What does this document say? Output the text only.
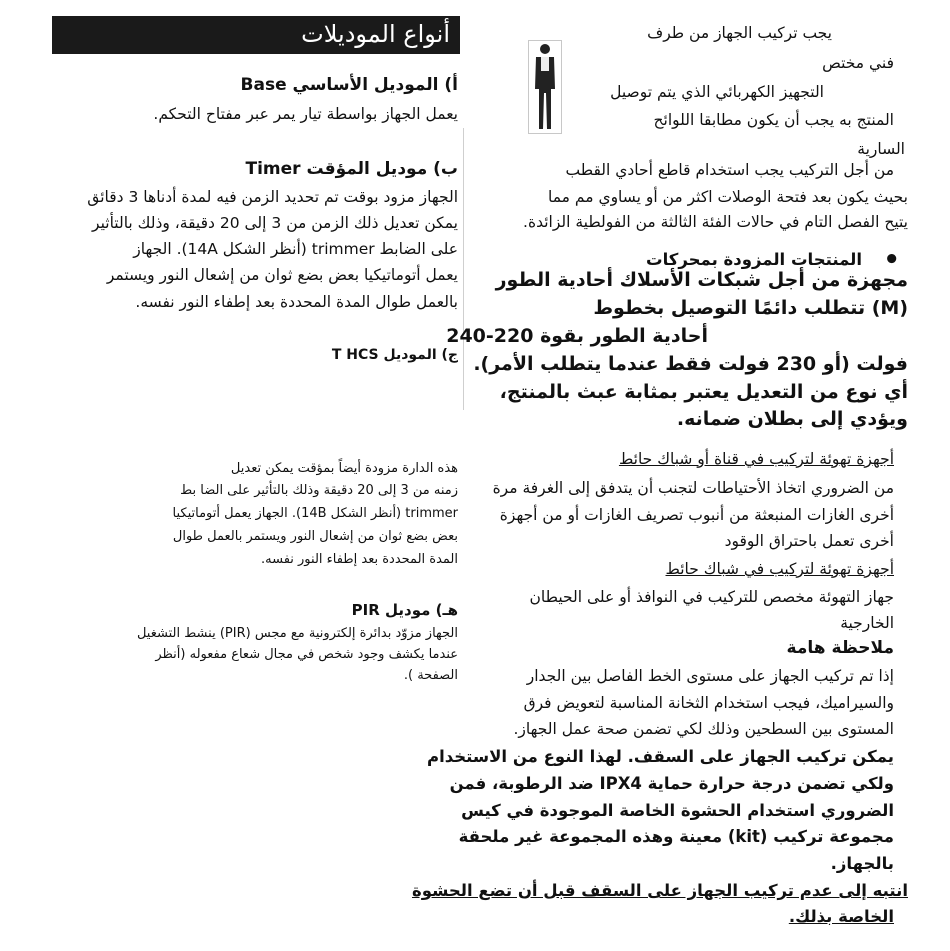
أنواع الموديلات
أ) الموديل الأساسي Base
يعمل الجهاز بواسطة تيار يمر عبر مفتاح التحكم.
ب) موديل المؤقت Timer
الجهاز مزود بوقت تم تحديد الزمن فيه لمدة أدناها 3 دقائق
يمكن تعديل ذلك الزمن من 3 إلى 20 دقيقة، وذلك بالتأثير
على الضابط trimmer (أنظر الشكل 14A). الجهاز
يعمل أتوماتيكيا بعض بضع ثوان من إشعال النور ويستمر
بالعمل طوال المدة المحددة بعد إطفاء النور نفسه.
ج) الموديل T HCS
هذه الدارة مزودة أيضاً بمؤقت يمكن تعديل
زمنه من 3 إلى 20 دقيقة وذلك بالتأثير على الضا بط
trimmer (أنظر الشكل 14B). الجهاز يعمل أتوماتيكيا
بعض بضع ثوان من إشعال النور ويستمر بالعمل طوال
المدة المحددة بعد إطفاء النور نفسه.
هـ) موديل PIR
الجهاز مزوّد بدائرة إلكترونية مع مجس (PIR) ينشط التشغيل
عندما يكشف وجود شخص في مجال شعاع مفعوله (أنظر
الصفحة ).
يجب تركيب الجهاز من طرف
فني مختص
التجهيز الكهربائي الذي يتم توصيل
المنتج به يجب أن يكون مطابقا اللوائح
السارية
من أجل التركيب يجب استخدام قاطع أحادي القطب
بحيث يكون بعد فتحة الوصلات اكثر من أو يساوي مم مما
يتيح الفصل التام في حالات الفئة الثالثة من الفولطية الزائدة.
•
المنتجات المزودة بمحركات
مجهزة من أجل شبكات الأسلاك أحادية الطور
(M) تتطلب دائمًا التوصيل بخطوط
أحادية الطور بقوة 220-240
فولت (أو 230 فولت فقط عندما يتطلب الأمر).
أي نوع من التعديل يعتبر بمثابة عبث بالمنتج،
ويؤدي إلى بطلان ضمانه.
أجهزة تهوئة لتركيب في قناة أو شباك حائط
من الضروري اتخاذ الأحتياطات لتجنب أن يتدفق إلى الغرفة مرة
أخرى الغازات المنبعثة من أنبوب تصريف الغازات أو من أجهزة
أخرى تعمل باحتراق الوقود
أجهزة تهوئة لتركيب في شباك حائط
جهاز التهوئة مخصص للتركيب في النوافذ أو على الحيطان
الخارجية
ملاحظة هامة
إذا تم تركيب الجهاز على مستوى الخط الفاصل بين الجدار
والسيراميك، فيجب استخدام الثخانة المناسبة لتعويض فرق
المستوى بين السطحين وذلك لكي تضمن صحة عمل الجهاز.
يمكن تركيب الجهاز على السقف. لهذا النوع من الاستخدام
ولكي تضمن درجة حرارة حماية IPX4 ضد الرطوبة، فمن
الضروري استخدام الحشوة الخاصة الموجودة في كيس
مجموعة تركيب (kit) معينة وهذه المجموعة غير ملحقة
بالجهاز.
انتبه إلى عدم تركيب الجهاز على السقف قبل أن تضع الحشوة
الخاصة بذلك.
